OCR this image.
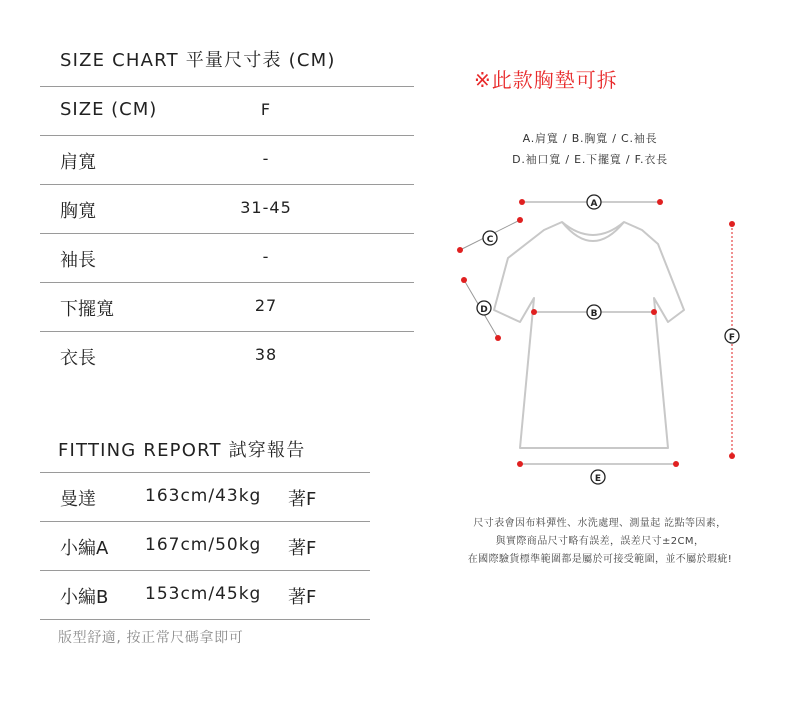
SIZE CHART 平量尺寸表 (CM)
SIZE (CM)	F
肩寬	-
胸寬	31-45
袖長	-
下擺寬	27
衣長	38
FITTING REPORT 試穿報告
曼達	163cm/43kg 著F
小編A 167cm/50kg 著F
小編B 153cm/45kg 著F
版型舒適, 按正常尺碼拿即可
※此款胸墊可拆
A.肩寬 / B.胸寬 / C.袖長
D.袖口寬 / E.下擺寬 / F.衣長
A
C
D	B
E
F
尺寸表會因布料彈性、水洗處理、測量起 訖點等因素，
與實際商品尺寸略有誤差，誤差尺寸±2CM，
在國際驗貨標準範圍都是屬於可接受範圍，並不屬於瑕疵!
